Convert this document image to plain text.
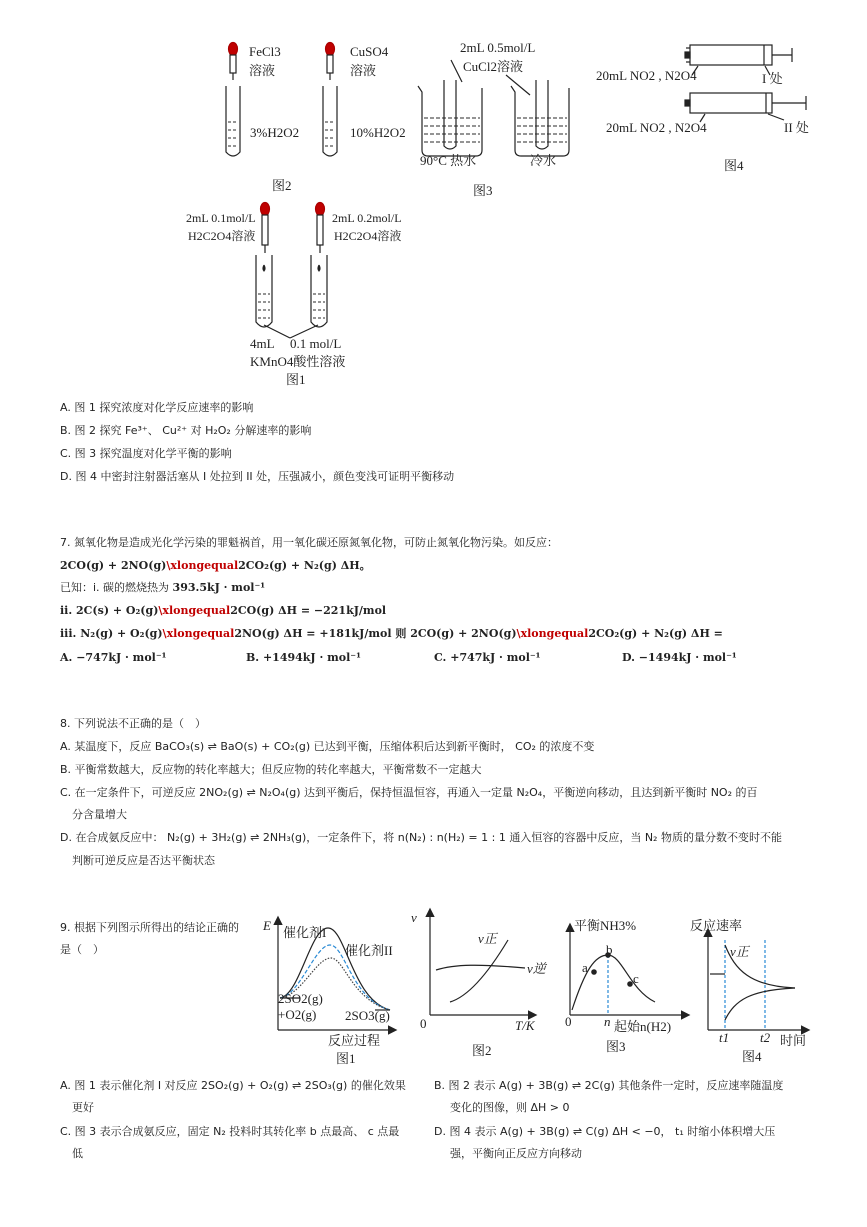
FeCl3
溶液
CuSO4
溶液
3%H2O2	10%H2O2
图2
2mL 0.5mol/L
CuCl2溶液
90°C 热水	冷水
图3
20mL NO2 , N2O4	I 处
20mL NO2 , N2O4	II 处
图4
2mL 0.1mol/L
H2C2O4溶液
2mL 0.2mol/L
H2C2O4溶液
4mL 0.1 mol/L
KMnO4酸性溶液
图1
A. 图 1 探究浓度对化学反应速率的影响
B. 图 2 探究 Fe³⁺、 Cu²⁺ 对 H₂O₂ 分解速率的影响
C. 图 3 探究温度对化学平衡的影响
D. 图 4 中密封注射器活塞从 I 处拉到 II 处，压强减小，颜色变浅可证明平衡移动
7. 氮氧化物是造成光化学污染的罪魁祸首，用一氧化碳还原氮氧化物，可防止氮氧化物污染。如反应：
2CO(g) + 2NO(g)\xlongequal2CO₂(g) + N₂(g) ΔH。
已知：i. 碳的燃烧热为 393.5kJ · mol⁻¹
ii. 2C(s) + O₂(g)\xlongequal2CO(g) ΔH = −221kJ/mol
iii. N₂(g) + O₂(g)\xlongequal2NO(g) ΔH = +181kJ/mol 则 2CO(g) + 2NO(g)\xlongequal2CO₂(g) + N₂(g) ΔH =
A. −747kJ · mol⁻¹	B. +1494kJ · mol⁻¹	C. +747kJ · mol⁻¹	D. −1494kJ · mol⁻¹
8. 下列说法不正确的是（　）
A. 某温度下，反应 BaCO₃(s) ⇌ BaO(s) + CO₂(g) 已达到平衡，压缩体积后达到新平衡时， CO₂ 的浓度不变
B. 平衡常数越大，反应物的转化率越大；但反应物的转化率越大，平衡常数不一定越大
C. 在一定条件下，可逆反应 2NO₂(g) ⇌ N₂O₄(g) 达到平衡后，保持恒温恒容，再通入一定量 N₂O₄，平衡逆向移动，且达到新平衡时 NO₂ 的百
分含量增大
D. 在合成氨反应中： N₂(g) + 3H₂(g) ⇌ 2NH₃(g)，一定条件下，将 n(N₂) : n(H₂) = 1 : 1 通入恒容的容器中反应，当 N₂ 物质的量分数不变时不能
判断可逆反应是否达平衡状态
9. 根据下列图示所得出的结论正确的
是（　）
E 催化剂I
催化剂II
2SO2(g)
+O2(g) 2SO3(g)
反应过程
图1
v
v正
v逆
0	T/K
图2
平衡NH3%
a
b
c
0	n 起始n(H2)
图3
反应速率
v正
t1 t2 时间
图4
A. 图 1 表示催化剂 I 对反应 2SO₂(g) + O₂(g) ⇌ 2SO₃(g) 的催化效果
更好
B. 图 2 表示 A(g) + 3B(g) ⇌ 2C(g) 其他条件一定时，反应速率随温度
变化的图像，则 ΔH > 0
C. 图 3 表示合成氨反应，固定 N₂ 投料时其转化率 b 点最高、 c 点最
低
D. 图 4 表示 A(g) + 3B(g) ⇌ C(g) ΔH < −0， t₁ 时缩小体积增大压
强，平衡向正反应方向移动
